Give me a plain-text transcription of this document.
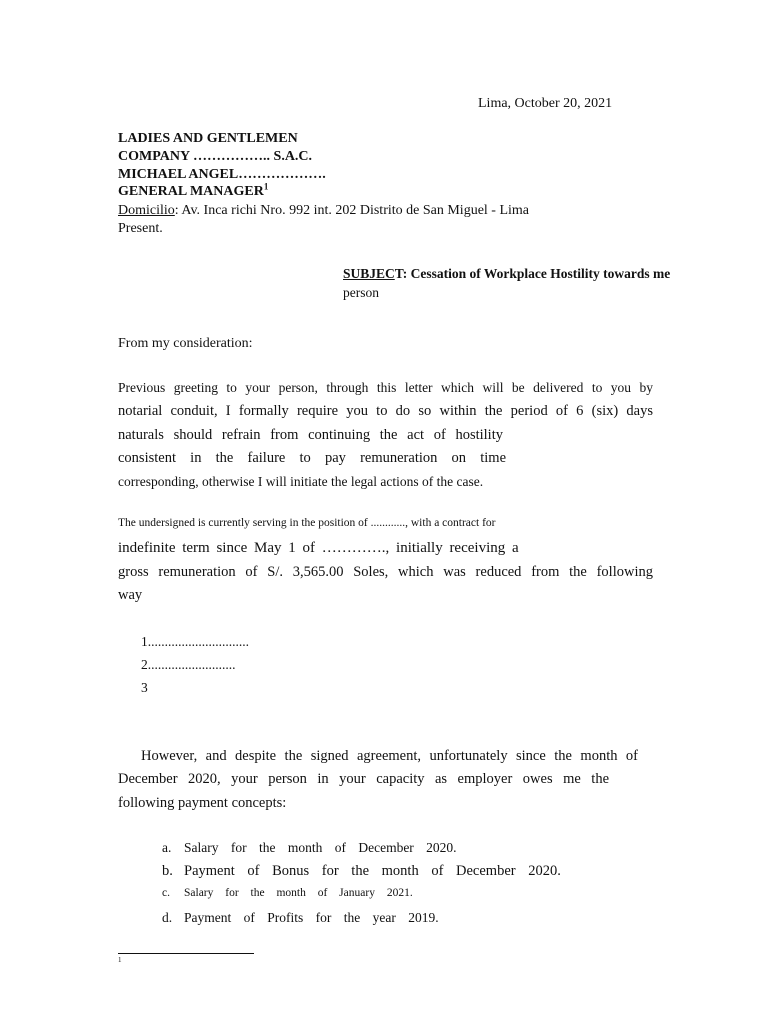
Lima, October 20, 2021
LADIES AND GENTLEMEN
COMPANY …………….. S.A.C.
MICHAEL ANGEL……………….
GENERAL MANAGER$^1$
Domicilio: Av. Inca richi Nro. 992 int. 202 Distrito de San Miguel - Lima
Present.
SUBJECT: Cessation of Workplace Hostility towards me
person
From my consideration:
Previous greeting to your person, through this letter which will be delivered to you by
notarial conduit, I formally require you to do so within the period of 6 (six) days
naturals should refrain from continuing the act of hostility
consistent in the failure to pay remuneration on time
corresponding, otherwise I will initiate the legal actions of the case.
The undersigned is currently serving in the position of ............, with a contract for
indefinite term since May 1 of …………., initially receiving a
gross remuneration of S/. 3,565.00 Soles, which was reduced from the following
way
1..............................
2..........................
3
However, and despite the signed agreement, unfortunately since the month of
December 2020, your person in your capacity as employer owes me the
following payment concepts:
a. Salary for the month of December 2020.
b. Payment of Bonus for the month of December 2020.
c. Salary for the month of January 2021.
d. Payment of Profits for the year 2019.
1
